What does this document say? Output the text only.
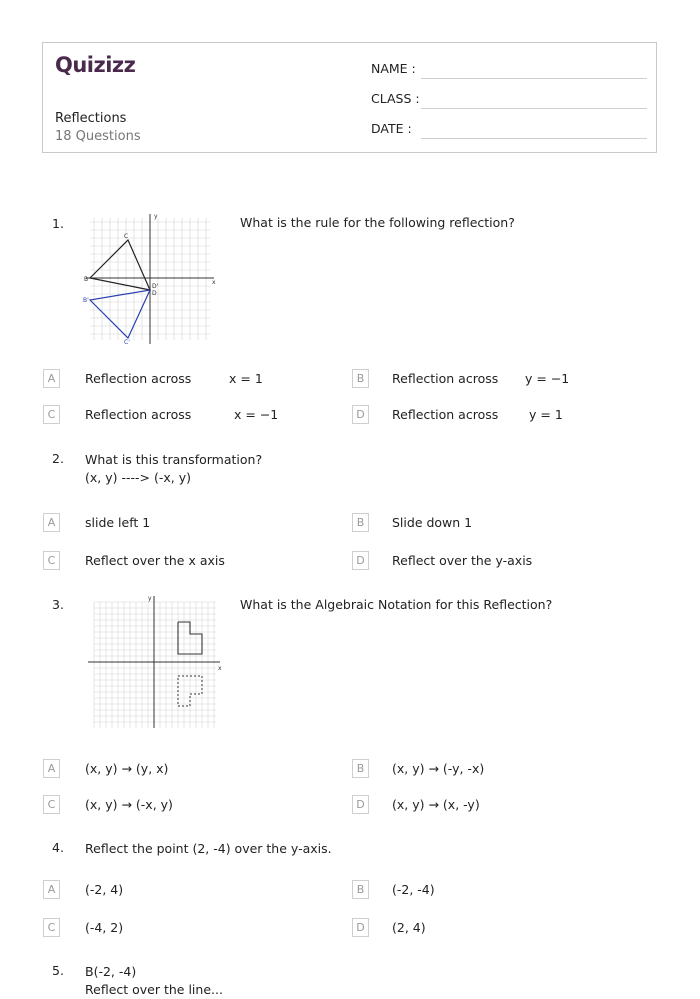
Quizizz
Reflections
18 Questions
NAME :
CLASS :
DATE :
1.	y
x
C
B
B'
D'
D
C'
What is the rule for the following reflection?
A	Reflection across	x = 1	B	Reflection across y = −1
C	Reflection across	x = −1	D	Reflection across y = 1
2. What is this transformation?
(x, y) ----> (-x, y)
A	slide left 1	B	Slide down 1
C	Reflect over the x axis	D	Reflect over the y-axis
3.	y
x
What is the Algebraic Notation for this Reflection?
A	(x, y) → (y, x)	B	(x, y) → (-y, -x)
C	(x, y) → (-x, y)	D	(x, y) → (x, -y)
4. Reflect the point (2, -4) over the y-axis.
A	(-2, 4)	B	(-2, -4)
C	(-4, 2)	D	(2, 4)
5. B(-2, -4)
Reflect over the line...
